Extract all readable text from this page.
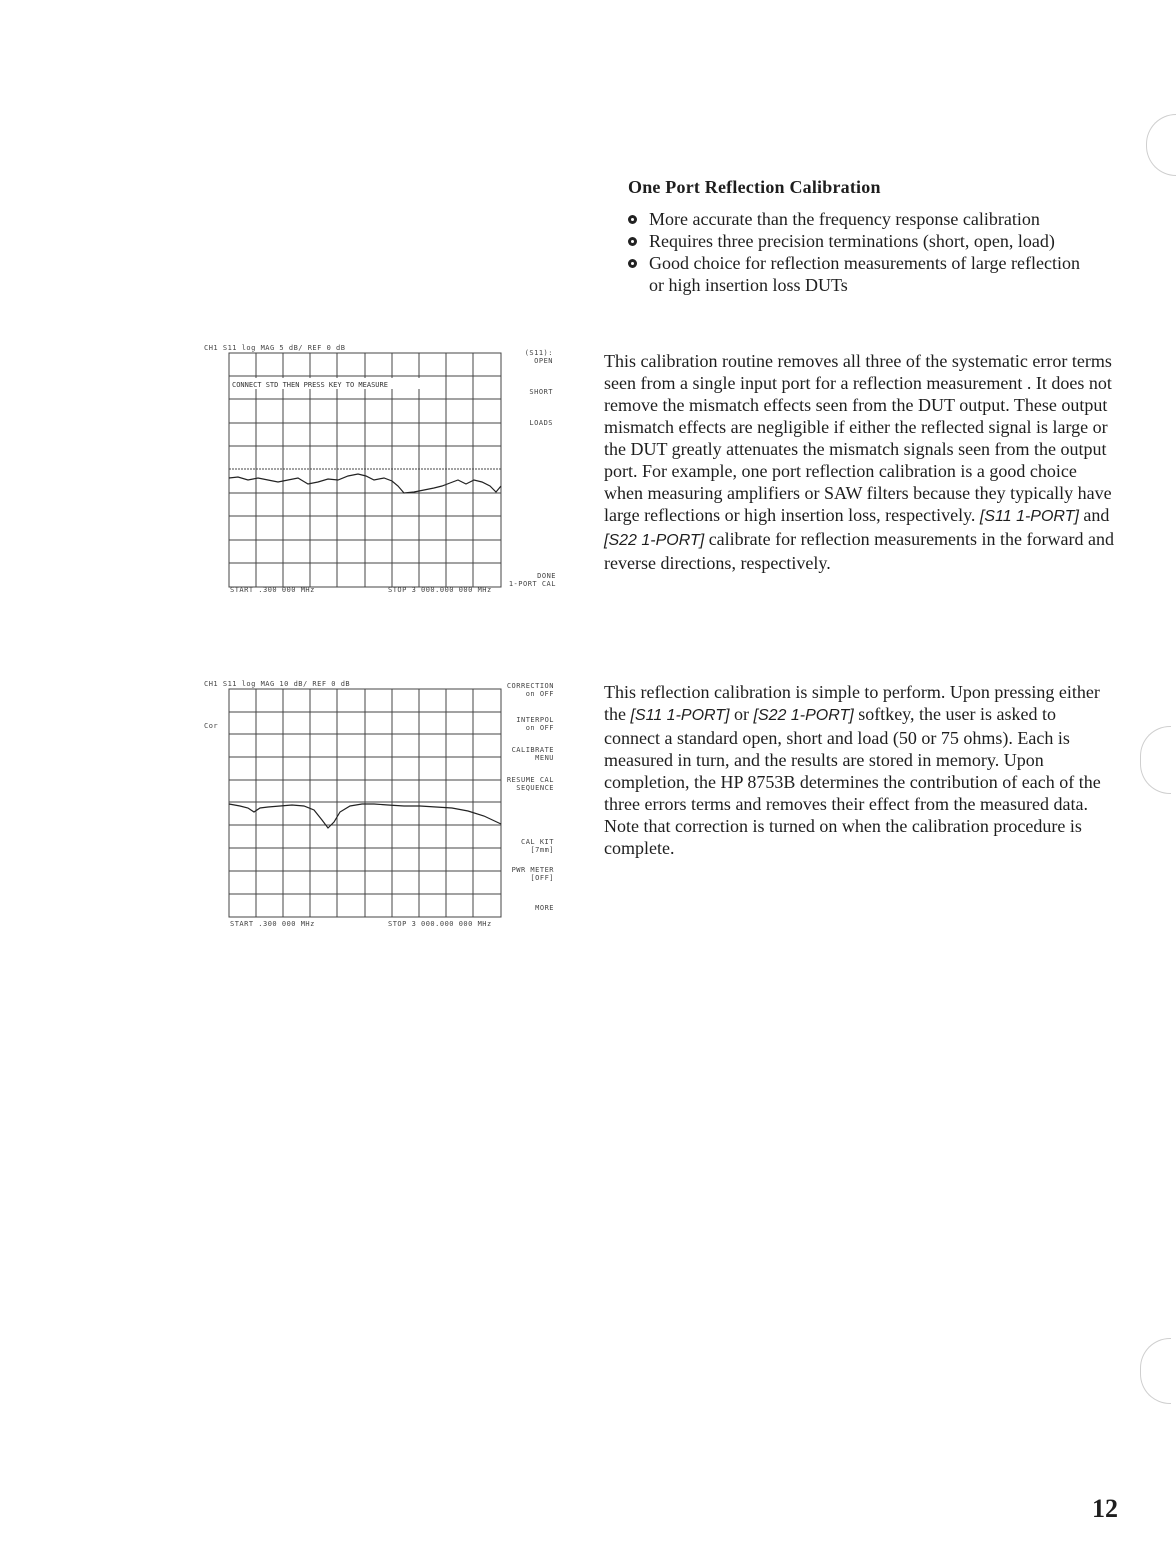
One Port Reflection Calibration
More accurate than the frequency response calibration
Requires three precision terminations (short, open, load)
Good choice for reflection measurements of large reflection or high insertion loss DUTs
This calibration routine removes all three of the systematic error terms seen from a single input port for a reflection measurement . It does not remove the mismatch effects seen from the DUT output. These output mismatch effects are negligible if either the reflected signal is large or the DUT greatly attenuates the mismatch signals seen from the output port. For example, one port reflection calibration is a good choice when measuring amplifiers or SAW filters because they typically have large reflections or high insertion loss, respectively. [S11 1-PORT] and [S22 1-PORT] calibrate for reflection measurements in the forward and reverse directions, respectively.
This reflection calibration is simple to perform. Upon pressing either the [S11 1-PORT] or [S22 1-PORT] softkey, the user is asked to connect a standard open, short and load (50 or 75 ohms). Each is measured in turn, and the results are stored in memory. Upon completion, the HP 8753B determines the contribution of each of the three errors terms and removes their effect from the measured data. Note that correction is turned on when the calibration procedure is complete.
CH1 S11 log MAG 5 dB/ REF 0 dB
CONNECT STD THEN PRESS KEY TO MEASURE
START .300 000 MHz	STOP 3 000.000 000 MHz
(S11):
OPEN
SHORT
LOADS
DONE
1-PORT CAL
CH1 S11 log MAG 10 dB/ REF 0 dB
Cor
START .300 000 MHz	STOP 3 000.000 000 MHz
CORRECTION
on OFF
INTERPOL
on OFF
CALIBRATE
MENU
RESUME CAL
SEQUENCE
CAL KIT
[7mm]
PWR METER
[OFF]
MORE
12
